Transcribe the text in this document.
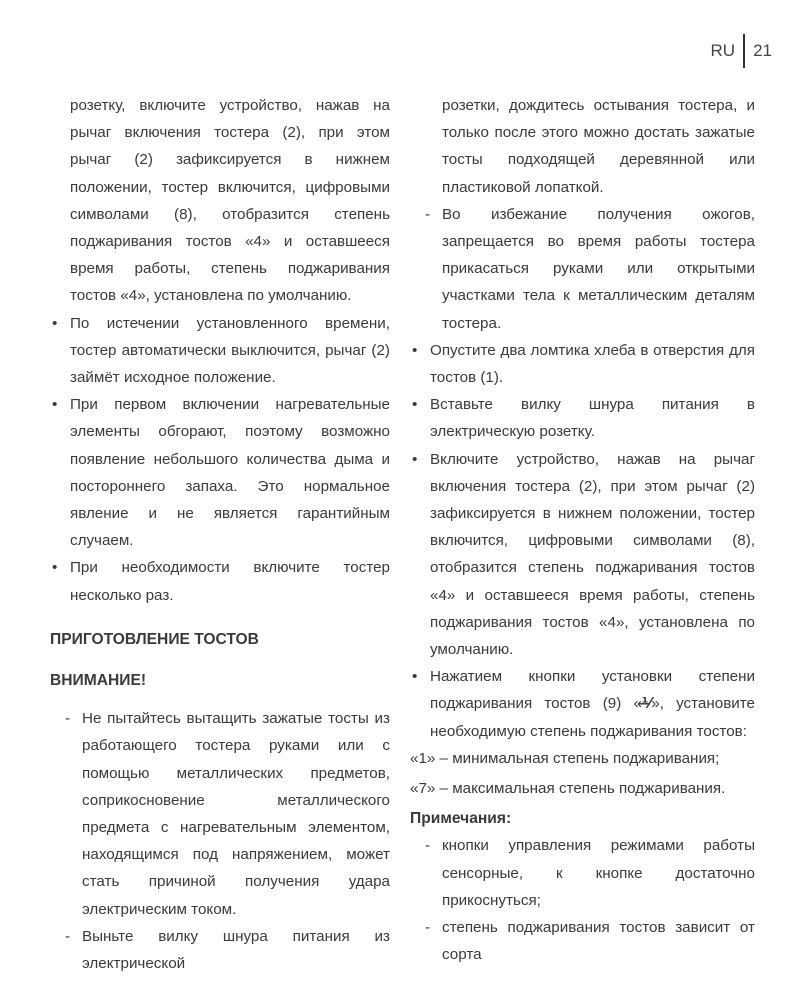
RU	21

розетку, включите устройство, нажав на рычаг включения тостера (2), при этом рычаг (2) зафиксируется в нижнем положении, тостер включится, цифровыми символами (8), отобразится степень поджаривания тостов «4» и оставшееся время работы, степень поджаривания тостов «4», установлена по умолчанию.

• По истечении установленного времени, тостер автоматически выключится, рычаг (2) займёт исходное положение.

• При первом включении нагревательные элементы обгорают, поэтому возможно появление небольшого количества дыма и постороннего запаха. Это нормальное явление и не является гарантийным случаем.

• При необходимости включите тостер несколько раз.

ПРИГОТОВЛЕНИЕ ТОСТОВ
ВНИМАНИЕ!

- Не пытайтесь вытащить зажатые тосты из работающего тостера руками или с помощью металлических предметов, соприкосновение металлического предмета с нагревательным элементом, находящимся под напряжением, может стать причиной получения удара электрическим током.

- Выньте вилку шнура питания из электрической

розетки, дождитесь остывания тостера, и только после этого можно достать зажатые тосты подходящей деревянной или пластиковой лопаткой.

- Во избежание получения ожогов, запрещается во время работы тостера прикасаться руками или открытыми участками тела к металлическим деталям тостера.

• Опустите два ломтика хлеба в отверстия для тостов (1).

• Вставьте вилку шнура питания в электрическую розетку.

• Включите устройство, нажав на рычаг включения тостера (2), при этом рычаг (2) зафиксируется в нижнем положении, тостер включится, цифровыми символами (8), отобразится степень поджаривания тостов «4» и оставшееся время работы, степень поджаривания тостов «4», установлена по умолчанию.

• Нажатием кнопки установки степени поджаривания тостов (9) «⅟̶», установите необходимую степень поджаривания тостов:

«1» – минимальная степень поджаривания;

«7» – максимальная степень поджаривания.

Примечания:

- кнопки управления режимами работы сенсорные, к кнопке достаточно прикоснуться;

- степень поджаривания тостов зависит от сорта
